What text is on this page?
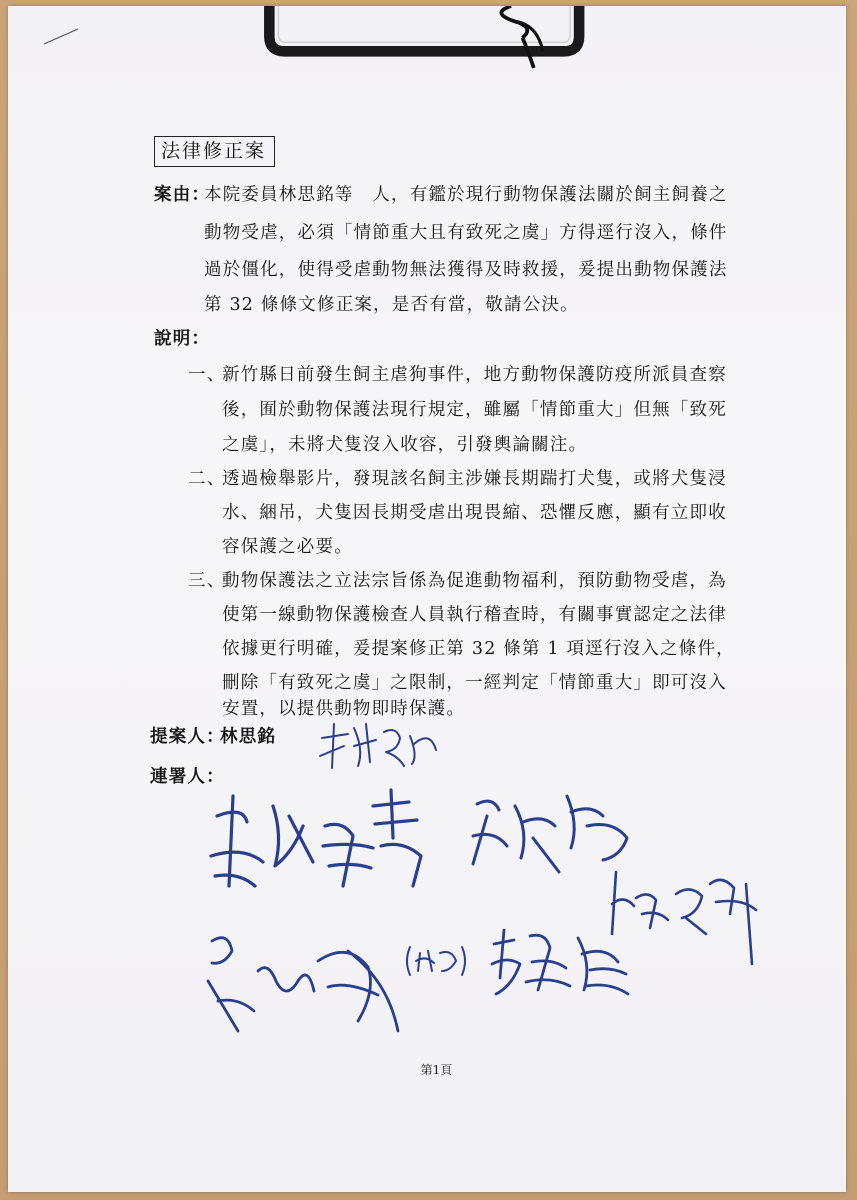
法律修正案
案由：
本院委員林思銘等　人，有鑑於現行動物保護法關於飼主飼養之
動物受虐，必須「情節重大且有致死之虞」方得逕行沒入，條件
過於僵化，使得受虐動物無法獲得及時救援，爰提出動物保護法
第 32 條條文修正案，是否有當，敬請公決。
說明：
一、
新竹縣日前發生飼主虐狗事件，地方動物保護防疫所派員查察
後，囿於動物保護法現行規定，雖屬「情節重大」但無「致死
之虞」，未將犬隻沒入收容，引發輿論關注。
二、
透過檢舉影片，發現該名飼主涉嫌長期踹打犬隻，或將犬隻浸
水、綑吊，犬隻因長期受虐出現畏縮、恐懼反應，顯有立即收
容保護之必要。
三、
動物保護法之立法宗旨係為促進動物福利，預防動物受虐，為
使第一線動物保護檢查人員執行稽查時，有關事實認定之法律
依據更行明確，爰提案修正第 32 條第 1 項逕行沒入之條件，
刪除「有致死之虞」之限制，一經判定「情節重大」即可沒入
安置，以提供動物即時保護。
提案人：
林思銘
連署人：
第1頁
